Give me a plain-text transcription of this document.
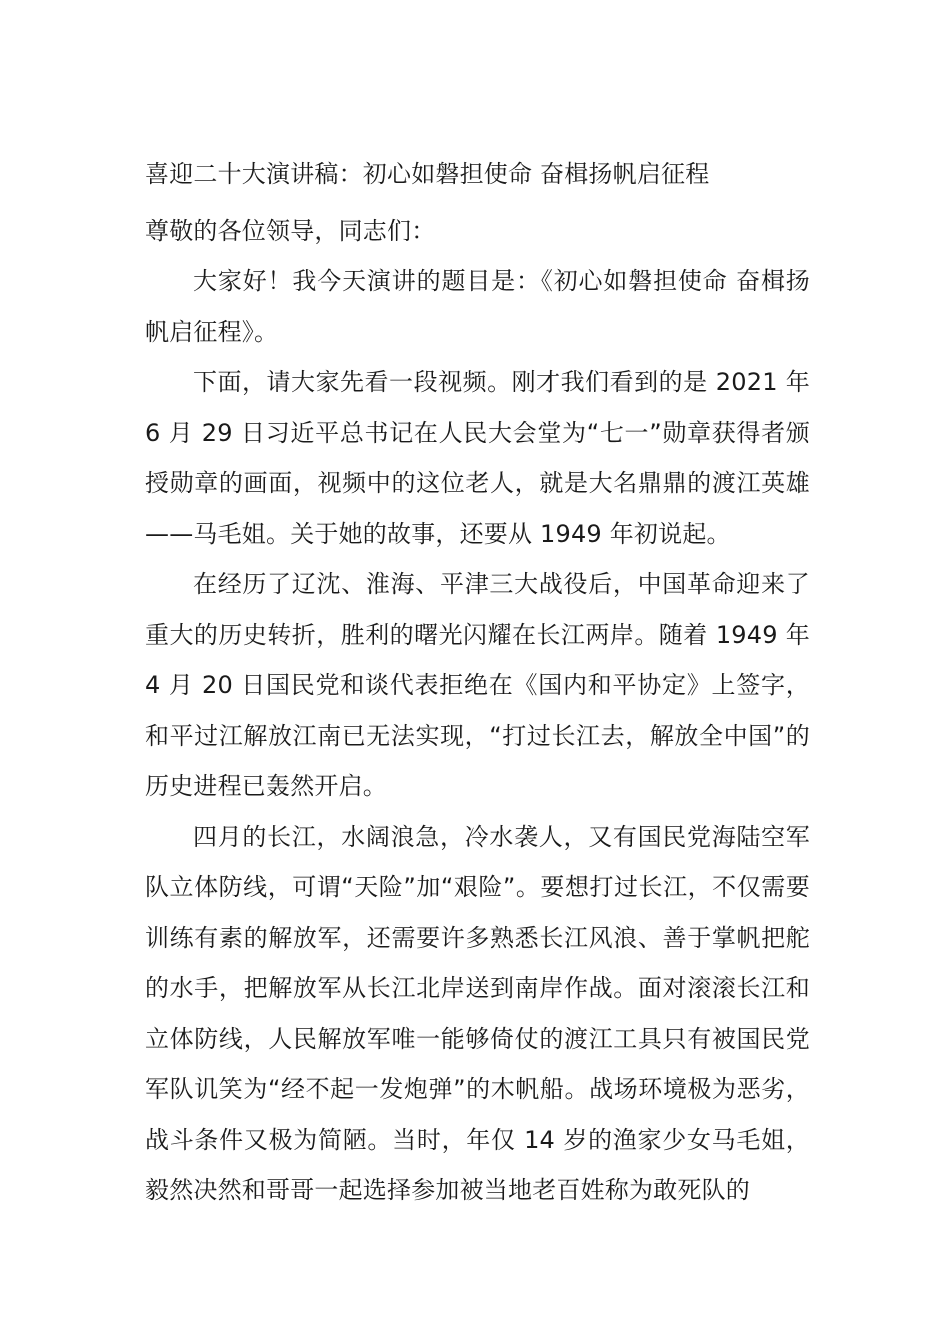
喜迎二十大演讲稿：初心如磐担使命 奋楫扬帆启征程

尊敬的各位领导，同志们：

大家好！我今天演讲的题目是：《初心如磐担使命 奋楫扬帆启征程》。

下面，请大家先看一段视频。刚才我们看到的是 2021 年 6 月 29 日习近平总书记在人民大会堂为“七一”勋章获得者颁授勋章的画面，视频中的这位老人，就是大名鼎鼎的渡江英雄——马毛姐。关于她的故事，还要从 1949 年初说起。

在经历了辽沈、淮海、平津三大战役后，中国革命迎来了重大的历史转折，胜利的曙光闪耀在长江两岸。随着 1949 年 4 月 20 日国民党和谈代表拒绝在《国内和平协定》上签字，和平过江解放江南已无法实现，“打过长江去，解放全中国”的历史进程已轰然开启。

四月的长江，水阔浪急，冷水袭人，又有国民党海陆空军队立体防线，可谓“天险”加“艰险”。要想打过长江，不仅需要训练有素的解放军，还需要许多熟悉长江风浪、善于掌帆把舵的水手，把解放军从长江北岸送到南岸作战。面对滚滚长江和立体防线，人民解放军唯一能够倚仗的渡江工具只有被国民党军队讥笑为“经不起一发炮弹”的木帆船。战场环境极为恶劣，战斗条件又极为简陋。当时，年仅 14 岁的渔家少女马毛姐，毅然决然和哥哥一起选择参加被当地老百姓称为敢死队的
